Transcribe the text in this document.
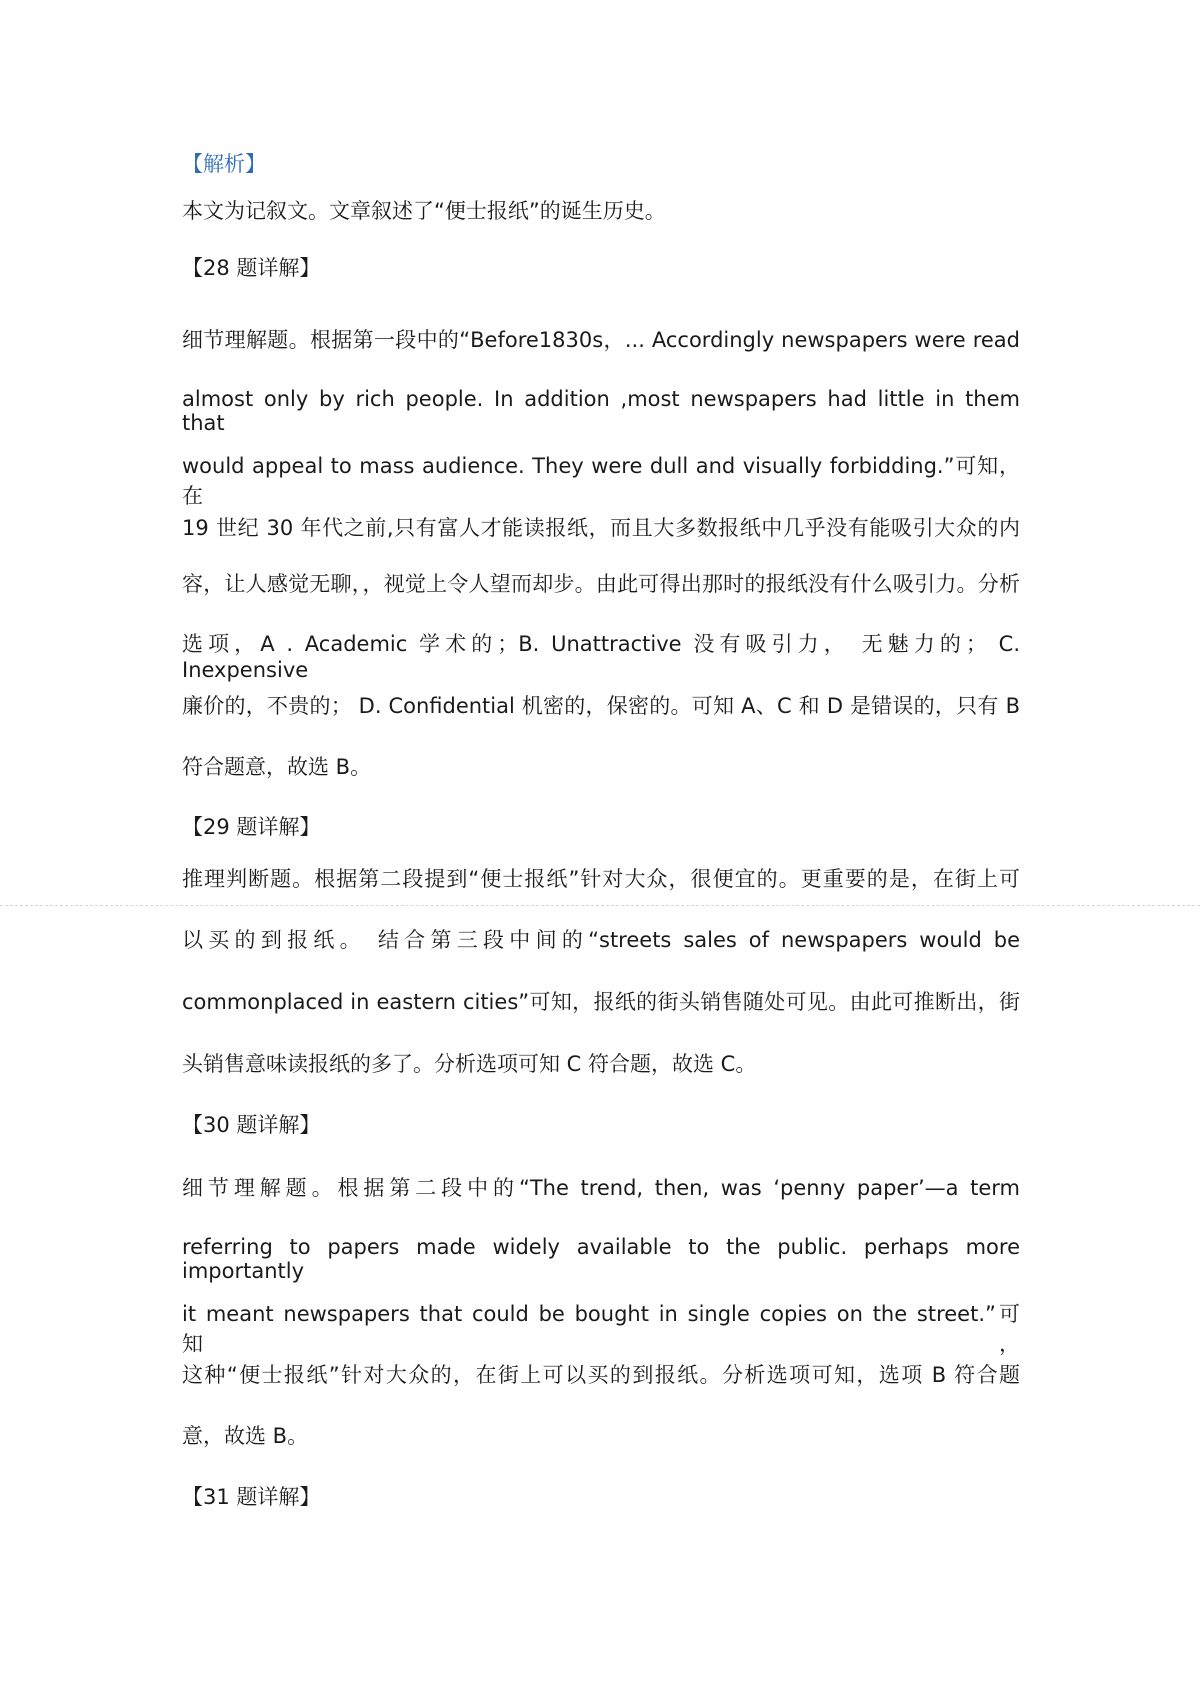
【解析】
本文为记叙文。文章叙述了“便士报纸”的诞生历史。
【28 题详解】
细节理解题。根据第一段中的“Before1830s，... Accordingly newspapers were read
almost only by rich people. In addition ,most newspapers had little in them that
would appeal to mass audience. They were dull and visually forbidding.”可知，在
19 世纪 30 年代之前,只有富人才能读报纸，而且大多数报纸中几乎没有能吸引大众的内
容，让人感觉无聊，，视觉上令人望而却步。由此可得出那时的报纸没有什么吸引力。分析
选项，A . Academic 学术的；B. Unattractive 没有吸引力， 无魅力的； C. Inexpensive
廉价的，不贵的； D. Confidential 机密的，保密的。可知 A、C 和 D 是错误的，只有 B
符合题意，故选 B。
【29 题详解】
推理判断题。根据第二段提到“便士报纸”针对大众，很便宜的。更重要的是，在街上可
以买的到报纸。 结合第三段中间的“streets sales of newspapers would be
commonplaced in eastern cities”可知，报纸的街头销售随处可见。由此可推断出，街
头销售意味读报纸的多了。分析选项可知 C 符合题，故选 C。
【30 题详解】
细节理解题。根据第二段中的“The trend, then, was ‘penny paper’—a term
referring to papers made widely available to the public. perhaps more importantly
it meant newspapers that could be bought in single copies on the street.”可知，
这种“便士报纸”针对大众的，在街上可以买的到报纸。分析选项可知，选项 B 符合题
意，故选 B。
【31 题详解】
